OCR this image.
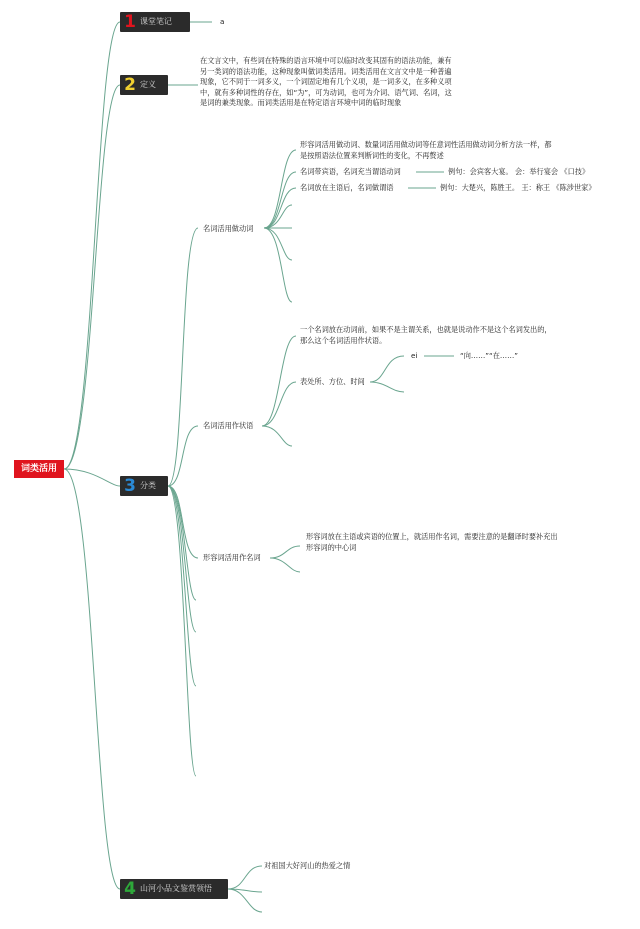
词类活用
1 课堂笔记
2 定义
3 分类
4 山河小品文鉴赏领悟
a
在文言文中，有些词在特殊的语言环境中可以临时改变其固有的语法功能，兼有
另一类词的语法功能，这种现象叫做词类活用。词类活用在文言文中是一种普遍
现象，它不同于一词多义，一个词固定地有几个义项，是一词多义，在多种义项
中，就有多种词性的存在，如“为”，可为动词，也可为介词、语气词、名词，这
是词的兼类现象。而词类活用是在特定语言环境中词的临时现象
名词活用做动词
形容词活用做动词、数量词活用做动词等任意词性活用做动词分析方法一样，都
是按照语法位置来判断词性的变化，不再赘述
名词带宾语，名词充当谓语动词	例句：会宾客大宴。 会：举行宴会 《口技》
名词放在主语后，名词做谓语	例句：大楚兴，陈胜王。 王：称王 《陈涉世家》
名词活用作状语
一个名词放在动词前，如果不是主谓关系，也就是说动作不是这个名词发出的，
那么这个名词活用作状语。
表处所、方位、时间
ei	“向……”“在……”
形容词活用作名词
形容词放在主语或宾语的位置上，就活用作名词，需要注意的是翻译时要补充出
形容词的中心词
对祖国大好河山的热爱之情
